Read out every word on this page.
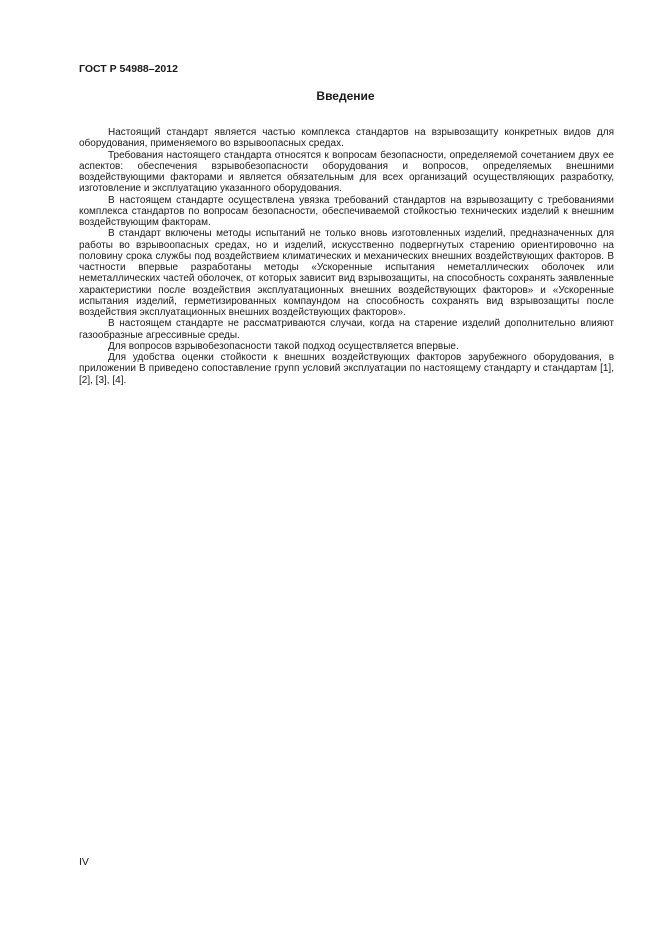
ГОСТ Р 54988–2012
Введение

Настоящий стандарт является частью комплекса стандартов на взрывозащиту конкретных видов для оборудования, применяемого во взрывоопасных средах.

Требования настоящего стандарта относятся к вопросам безопасности, определяемой сочетанием двух ее аспектов: обеспечения взрывобезопасности оборудования и вопросов, определяемых внешними воздействующими факторами и является обязательным для всех организаций осуществляющих разработку, изготовление и эксплуатацию указанного оборудования.

В настоящем стандарте осуществлена увязка требований стандартов на взрывозащиту с требованиями комплекса стандартов по вопросам безопасности, обеспечиваемой стойкостью технических изделий к внешним воздействующим факторам.

В стандарт включены методы испытаний не только вновь изготовленных изделий, предназначенных для работы во взрывоопасных средах, но и изделий, искусственно подвергнутых старению ориентировочно на половину срока службы под воздействием климатических и механических внешних воздействующих факторов. В частности впервые разработаны методы «Ускоренные испытания неметаллических оболочек или неметаллических частей оболочек, от которых зависит вид взрывозащиты, на способность сохранять заявленные характеристики после воздействия эксплуатационных внешних воздействующих факторов» и «Ускоренные испытания изделий, герметизированных компаундом на способность сохранять вид взрывозащиты после воздействия эксплуатационных внешних воздействующих факторов».

В настоящем стандарте не рассматриваются случаи, когда на старение изделий дополнительно влияют газообразные агрессивные среды.

Для вопросов взрывобезопасности такой подход осуществляется впервые.

Для удобства оценки стойкости к внешних воздействующих факторов зарубежного оборудования, в приложении В приведено сопоставление групп условий эксплуатации по настоящему стандарту и стандартам [1], [2], [3], [4].

IV
